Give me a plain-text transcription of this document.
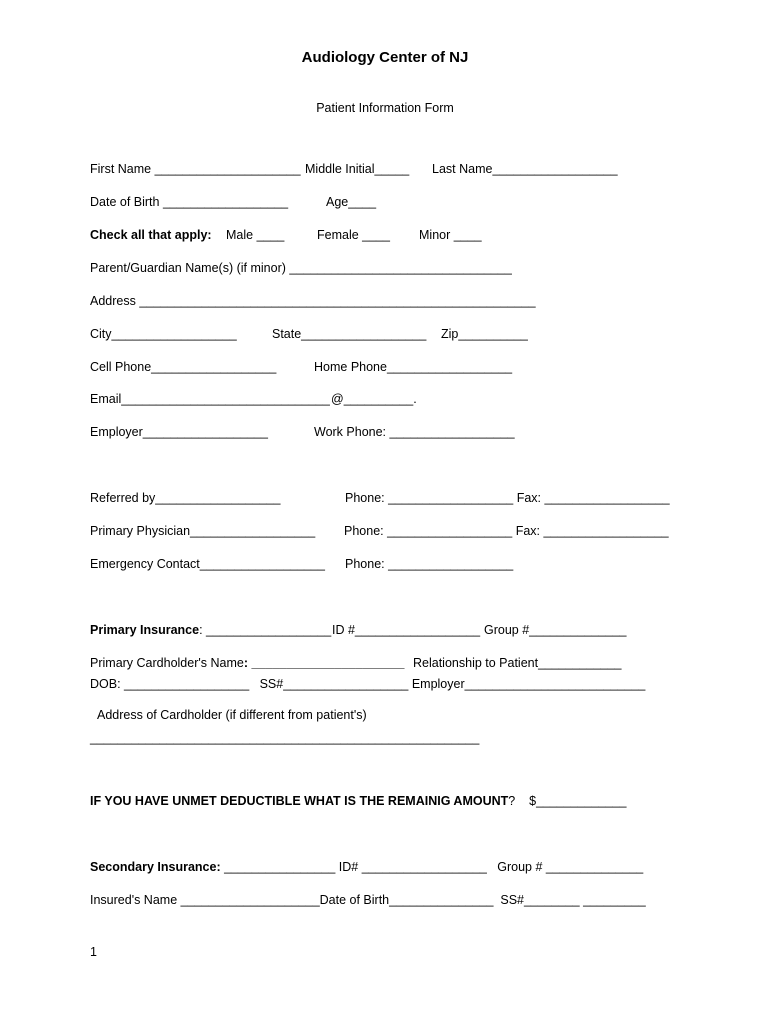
Audiology Center of NJ
Patient Information Form
First Name _____________________ Middle Initial_____ Last Name__________________
Date of Birth __________________	Age____
Check all that apply: Male ____	Female ____ Minor ____
Parent/Guardian Name(s) (if minor) ________________________________
Address _________________________________________________________
City__________________	State__________________ Zip__________
Cell Phone__________________	Home Phone__________________
Email______________________________ @__________.
Employer__________________	Work Phone: __________________
Referred by__________________	Phone: __________________ Fax: __________________
Primary Physician__________________ Phone: __________________ Fax: __________________
Emergency Contact__________________ Phone: __________________
Primary Insurance: __________________ ID #__________________ Group #______________
Primary Cardholder's Name: ______________________ Relationship to Patient____________
DOB: __________________   SS#__________________ Employer__________________________
Address of Cardholder (if different from patient's)
________________________________________________________
IF YOU HAVE UNMET DEDUCTIBLE WHAT IS THE REMAINIG AMOUNT?    $_____________
Secondary Insurance: ________________ ID# __________________   Group # ______________
Insured's Name ____________________Date of Birth_______________  SS#________ _________
1
